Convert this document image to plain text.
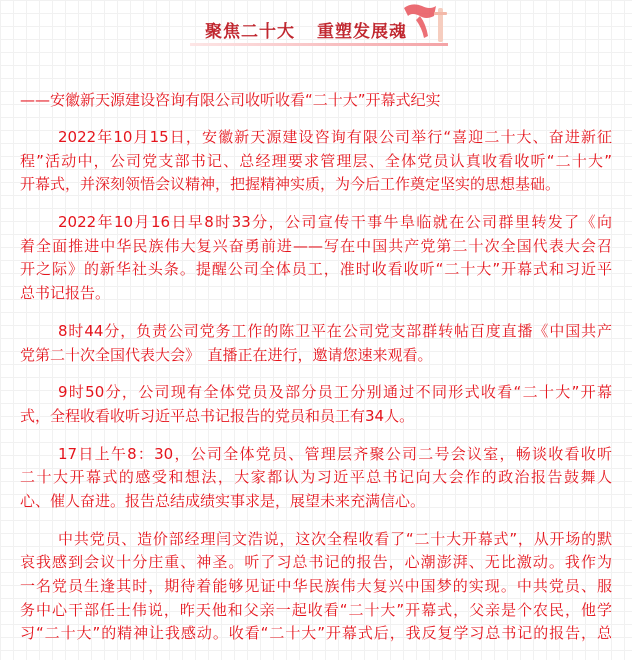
聚焦二十大 重塑发展魂
——安徽新天源建设咨询有限公司收听收看“二十大”开幕式纪实
2022年10月15日，安徽新天源建设咨询有限公司举行“喜迎二十大、奋进新征
程”活动中，公司党支部书记、总经理要求管理层、全体党员认真收看收听“二十大”
开幕式，并深刻领悟会议精神，把握精神实质，为今后工作奠定坚实的思想基础。
2022年10月16日早8时33分，公司宣传干事牛阜临就在公司群里转发了《向
着全面推进中华民族伟大复兴奋勇前进——写在中国共产党第二十次全国代表大会召
开之际》的新华社头条。提醒公司全体员工，准时收看收听“二十大”开幕式和习近平
总书记报告。
8时44分，负责公司党务工作的陈卫平在公司党支部群转帖百度直播《中国共产
党第二十次全国代表大会》　直播正在进行，邀请您速来观看。
9时50分，公司现有全体党员及部分员工分别通过不同形式收看“二十大”开幕
式，全程收看收听习近平总书记报告的党员和员工有34人。
17日上午8：30，公司全体党员、管理层齐聚公司二号会议室，畅谈收看收听
二十大开幕式的感受和想法，大家都认为习近平总书记向大会作的政治报告鼓舞人
心、催人奋进。报告总结成绩实事求是，展望未来充满信心。
中共党员、造价部经理闫文浩说，这次全程收看了“二十大开幕式”，从开场的默
哀我感到会议十分庄重、神圣。听了习总书记的报告，心潮澎湃、无比激动。我作为
一名党员生逢其时，期待着能够见证中华民族伟大复兴中国梦的实现。中共党员、服
务中心干部任士伟说，昨天他和父亲一起收看“二十大”开幕式，父亲是个农民，他学
习“二十大”的精神让我感动。收看“二十大”开幕式后，我反复学习总书记的报告，总
